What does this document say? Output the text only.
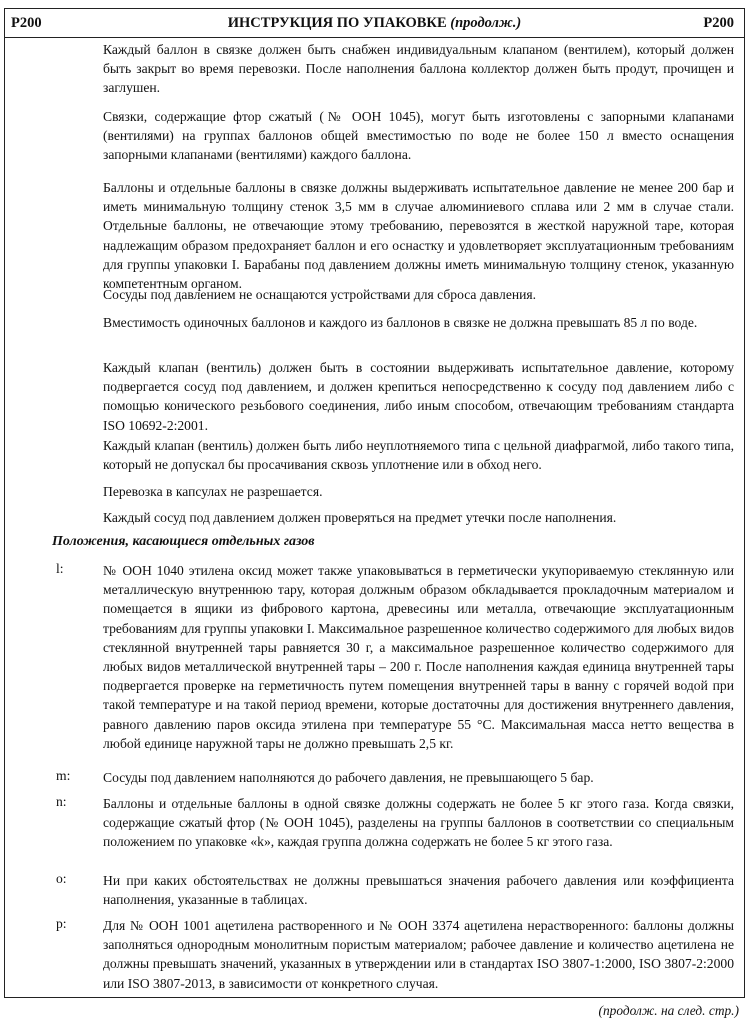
P200	ИНСТРУКЦИЯ ПО УПАКОВКЕ (продолж.)	P200

Каждый баллон в связке должен быть снабжен индивидуальным клапаном (вентилем), который должен быть закрыт во время перевозки. После наполнения баллона коллектор должен быть продут, прочищен и заглушен.

Связки, содержащие фтор сжатый (№ ООН 1045), могут быть изготовлены с запорными клапанами (вентилями) на группах баллонов общей вместимостью по воде не более 150 л вместо оснащения запорными клапанами (вентилями) каждого баллона.

Баллоны и отдельные баллоны в связке должны выдерживать испытательное давление не менее 200 бар и иметь минимальную толщину стенок 3,5 мм в случае алюминиевого сплава или 2 мм в случае стали. Отдельные баллоны, не отвечающие этому требованию, перевозятся в жесткой наружной таре, которая надлежащим образом предохраняет баллон и его оснастку и удовлетворяет эксплуатационным требованиям для группы упаковки I. Барабаны под давлением должны иметь минимальную толщину стенок, указанную компетентным органом.

Сосуды под давлением не оснащаются устройствами для сброса давления.

Вместимость одиночных баллонов и каждого из баллонов в связке не должна превышать 85 л по воде.

Каждый клапан (вентиль) должен быть в состоянии выдерживать испытательное давление, которому подвергается сосуд под давлением, и должен крепиться непосредственно к сосуду под давлением либо с помощью конического резьбового соединения, либо иным способом, отвечающим требованиям стандарта ISO 10692-2:2001.

Каждый клапан (вентиль) должен быть либо неуплотняемого типа с цельной диафрагмой, либо такого типа, который не допускал бы просачивания сквозь уплотнение или в обход него.

Перевозка в капсулах не разрешается.

Каждый сосуд под давлением должен проверяться на предмет утечки после наполнения.

Положения, касающиеся отдельных газов

l:	№ ООН 1040 этилена оксид может также упаковываться в герметически укупориваемую стеклянную или металлическую внутреннюю тару, которая должным образом обкладывается прокладочным материалом и помещается в ящики из фибрового картона, древесины или металла, отвечающие эксплуатационным требованиям для группы упаковки I. Максимальное разрешенное количество содержимого для любых видов стеклянной внутренней тары равняется 30 г, а максимальное разрешенное количество содержимого для любых видов металлической внутренней тары – 200 г. После наполнения каждая единица внутренней тары подвергается проверке на герметичность путем помещения внутренней тары в ванну с горячей водой при такой температуре и на такой период времени, которые достаточны для достижения внутреннего давления, равного давлению паров оксида этилена при температуре 55 °C. Максимальная масса нетто вещества в любой единице наружной тары не должно превышать 2,5 кг.

m: Сосуды под давлением наполняются до рабочего давления, не превышающего 5 бар.

n:	Баллоны и отдельные баллоны в одной связке должны содержать не более 5 кг этого газа. Когда связки, содержащие сжатый фтор (№ ООН 1045), разделены на группы баллонов в соответствии со специальным положением по упаковке «k», каждая группа должна содержать не более 5 кг этого газа.

o:	Ни при каких обстоятельствах не должны превышаться значения рабочего давления или коэффициента наполнения, указанные в таблицах.

p:	Для № ООН 1001 ацетилена растворенного и № ООН 3374 ацетилена нерастворенного: баллоны должны заполняться однородным монолитным пористым материалом; рабочее давление и количество ацетилена не должны превышать значений, указанных в утверждении или в стандартах ISO 3807-1:2000, ISO 3807-2:2000 или ISO 3807-2013, в зависимости от конкретного случая.

(продолж. на след. стр.)
